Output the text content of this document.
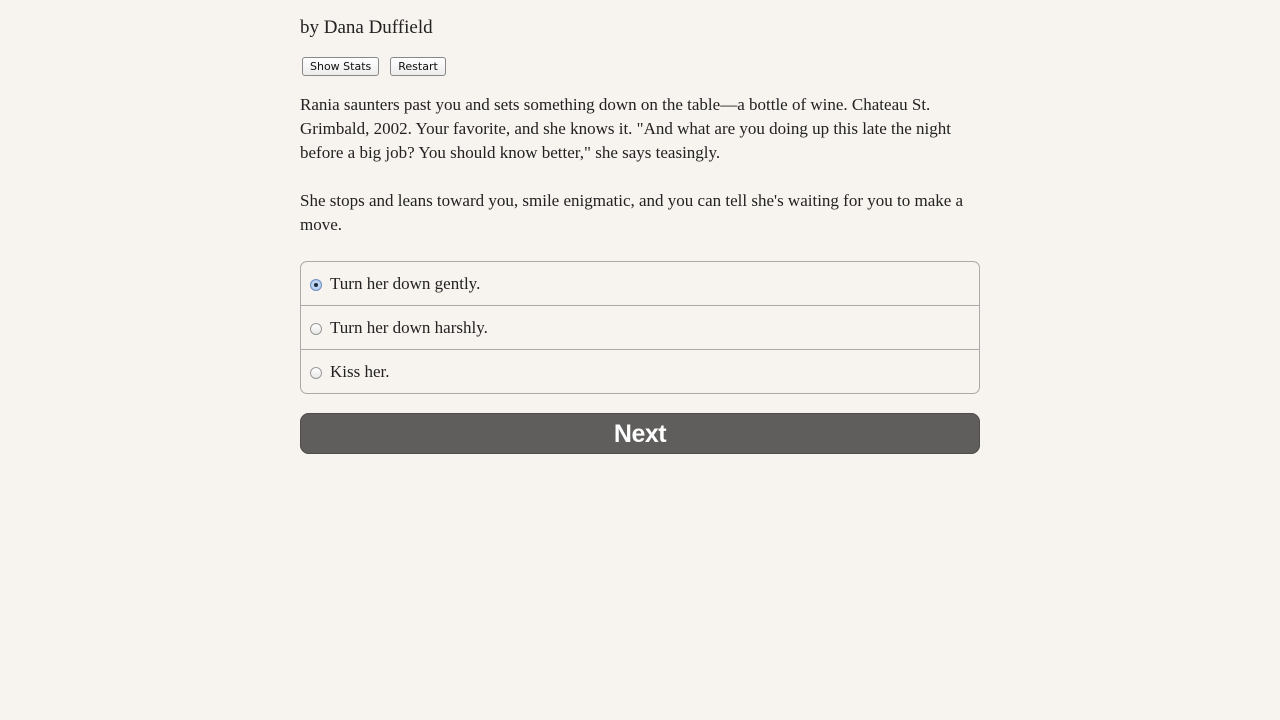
by Dana Duffield
Show Stats	Restart

Rania saunters past you and sets something down on the table—a bottle of wine. Chateau St. Grimbald, 2002. Your favorite, and she knows it. "And what are you doing up this late the night before a big job? You should know better," she says teasingly.

She stops and leans toward you, smile enigmatic, and you can tell she's waiting for you to make a move.

Turn her down gently.
Turn her down harshly.
Kiss her.
Next
